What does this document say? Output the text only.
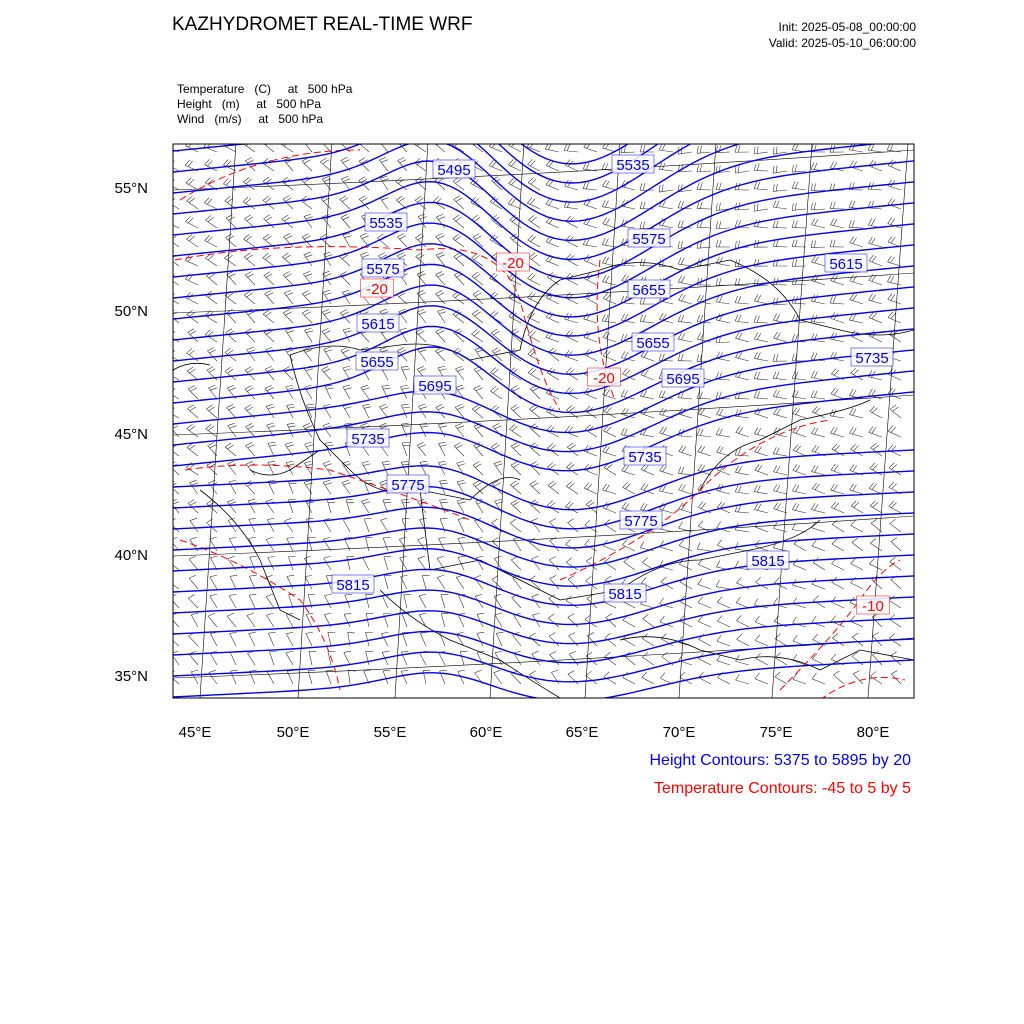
5495	5535
5535
5575
5575	5615
5615
5655
5655
5655
5695	5695
5735
5735
5735
5775
5775
5815
5815
5815
-20
-20
-20
-10
KAZHYDROMET REAL-TIME WRF	Init: 2025-05-08_00:00:00
Valid: 2025-05-10_06:00:00
Temperature   (C)     at   500 hPa
Height   (m)     at   500 hPa
Wind   (m/s)     at   500 hPa
55°N
50°N
45°N
40°N
35°N
45°E	50°E	55°E	60°E	65°E	70°E	75°E	80°E
Height Contours: 5375 to 5895 by 20
Temperature Contours: -45 to 5 by 5
